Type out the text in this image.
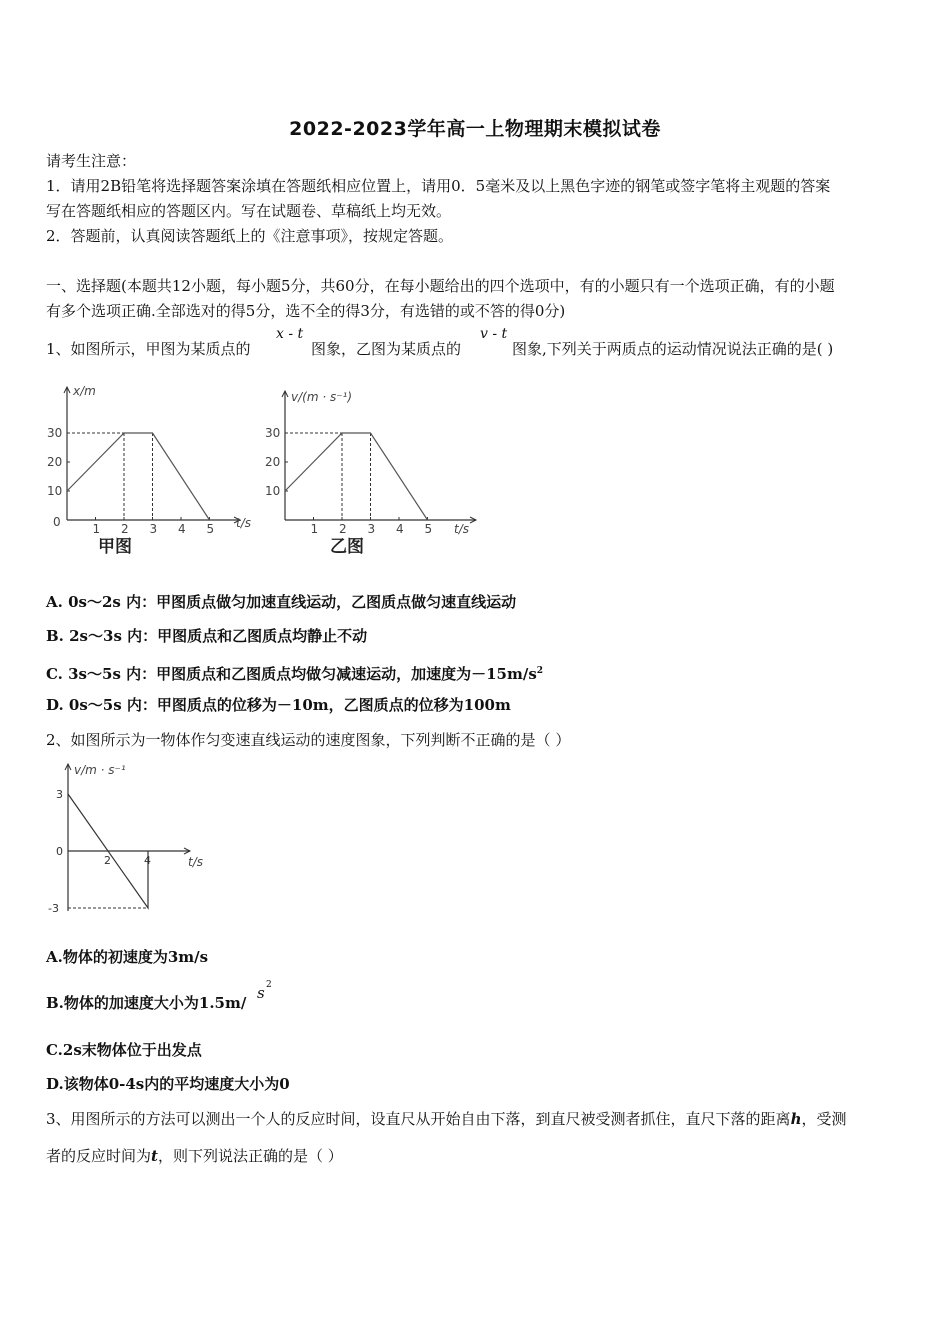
2022-2023学年高一上物理期末模拟试卷
请考生注意：
1．请用2B铅笔将选择题答案涂填在答题纸相应位置上，请用0．5毫米及以上黑色字迹的钢笔或签字笔将主观题的答案
写在答题纸相应的答题区内。写在试题卷、草稿纸上均无效。
2．答题前，认真阅读答题纸上的《注意事项》，按规定答题。
一、选择题(本题共12小题，每小题5分，共60分，在每小题给出的四个选项中，有的小题只有一个选项正确，有的小题
有多个选项正确.全部选对的得5分，选不全的得3分，有选错的或不答的得0分)
1、如图所示，甲图为某质点的
x - t
图象，乙图为某质点的
v - t
图象,下列关于两质点的运动情况说法正确的是( )
x/m
t/s
0	1 2 3 4 5
10
20
30
甲图
v/(m · s⁻¹)
t/s
1 2 3 4 5
10
20
30
乙图
A. 0s～2s 内：甲图质点做匀加速直线运动，乙图质点做匀速直线运动
B. 2s～3s 内：甲图质点和乙图质点均静止不动
C. 3s～5s 内：甲图质点和乙图质点均做匀减速运动，加速度为$-15m/s^2$
D. 0s～5s 内：甲图质点的位移为－10m，乙图质点的位移为100m
2、如图所示为一物体作匀变速直线运动的速度图象，下列判断不正确的是（ ）
v/m · s⁻¹
t/s
3
0
-3
2	4
A.物体的初速度为3m/s
B.物体的加速度大小为1.5m/
s 2
C.2s末物体位于出发点
D.该物体0-4s内的平均速度大小为0
3、用图所示的方法可以测出一个人的反应时间，设直尺从开始自由下落，到直尺被受测者抓住，直尺下落的距离h，受测
者的反应时间为t，则下列说法正确的是（ ）
